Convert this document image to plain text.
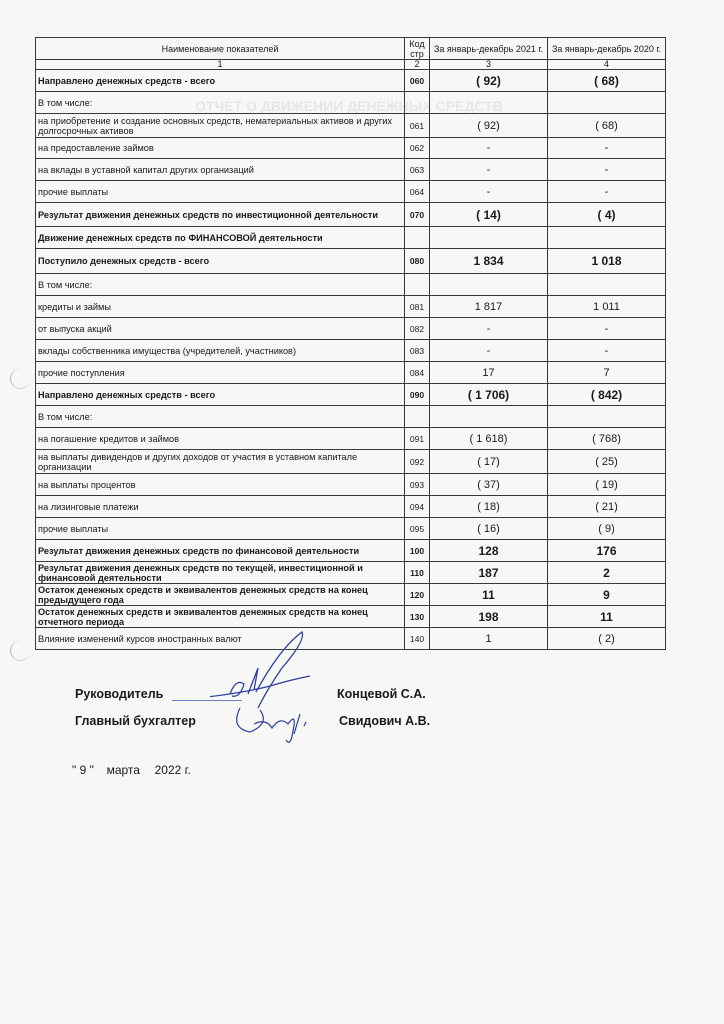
ОТЧЕТ О ДВИЖЕНИИ ДЕНЕЖНЫХ СРЕДСТВ
Наименование показателей	Код стр	За январь-декабрь 2021 г.	За январь-декабрь 2020 г.
1	2	3	4
Направлено денежных средств - всего	060	( 92)	( 68)
В том числе:			
на приобретение и создание основных средств, нематериальных активов и других долгосрочных активов	061	( 92)	( 68)
на предоставление займов	062	-	-
на вклады в уставной капитал других организаций	063	-	-
прочие выплаты	064	-	-
Результат движения денежных средств по инвестиционной деятельности	070	( 14)	( 4)
Движение денежных средств по ФИНАНСОВОЙ деятельности			
Поступило денежных средств - всего	080	1 834	1 018
В том числе:			
кредиты и займы	081	1 817	1 011
от выпуска акций	082	-	-
вклады собственника имущества (учредителей, участников)	083	-	-
прочие поступления	084	17	7
Направлено денежных средств - всего	090	( 1 706)	( 842)
В том числе:			
на погашение кредитов и займов	091	( 1 618)	( 768)
на выплаты дивидендов и других доходов от участия в уставном капитале организации	092	( 17)	( 25)
на выплаты процентов	093	( 37)	( 19)
на лизинговые платежи	094	( 18)	( 21)
прочие выплаты	095	( 16)	( 9)
Результат движения денежных средств по финансовой деятельности	100	128	176
Результат движения денежных средств по текущей, инвестиционной и финансовой деятельности	110	187	2
Остаток денежных средств и эквивалентов денежных средств на конец предыдущего года	120	11	9
Остаток денежных средств и эквивалентов денежных средств на конец отчетного периода	130	198	11
Влияние изменений курсов иностранных валют	140	1	( 2)
Руководитель	Концевой С.А.
Главный бухгалтер	Свидович А.В.
" 9 " марта 2022 г.
